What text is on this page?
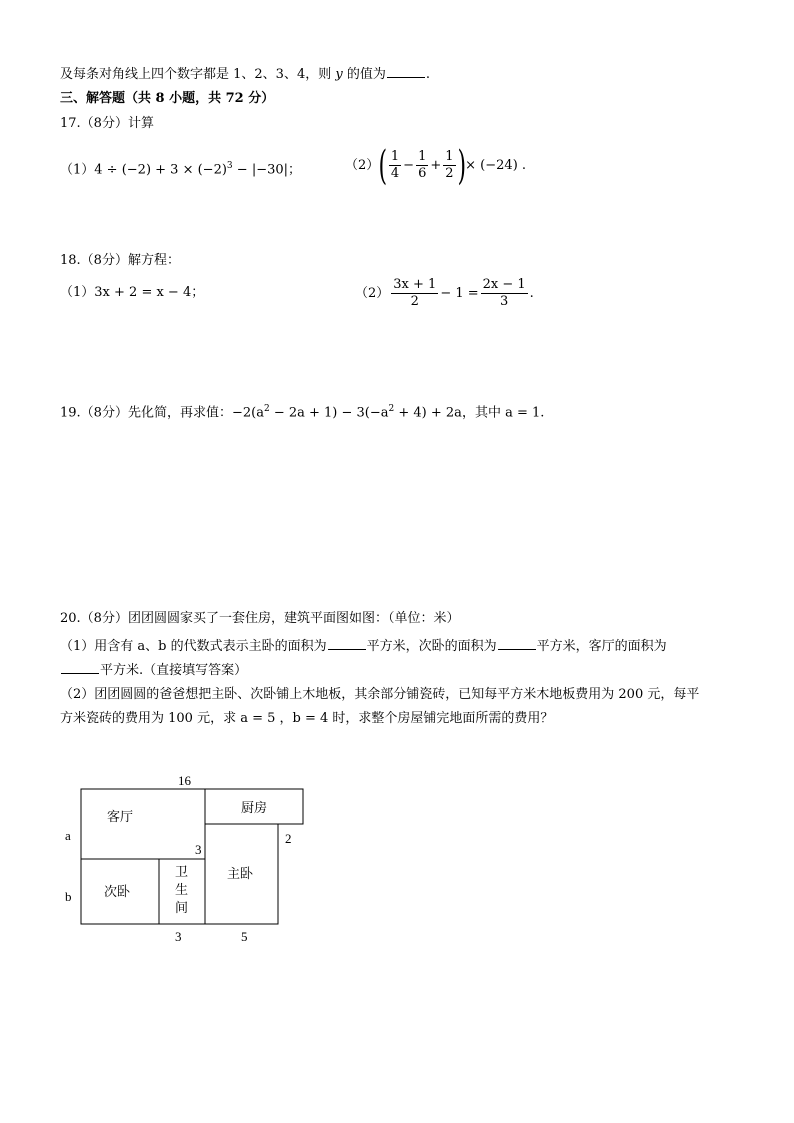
及每条对角线上四个数字都是 1、2、3、4，则 y 的值为	.
三、解答题（共 8 小题，共 72 分）
17.（8分）计算
$(1)4 \div (-2) + 3 \times (-2)^3 - |-30|$；	$(2)( \frac{1}{4} - \frac{1}{6} + \frac{1}{2}$ )× (−24) .
18.（8分）解方程：
（1）3x + 2 = x − 4；	$(2) \frac{3x + 1}{2} - 1 = \frac{2x - 1}{3}$ .
19.（8分）先化简，再求值：$-2(a^2 - 2a + 1) - 3(-a^2 + 4) + 2a$，其中 a = 1.
20.（8分）团团圆圆家买了一套住房，建筑平面图如图：（单位：米）
（1）用含有 a、b 的代数式表示主卧的面积为	平方米，次卧的面积为	平方米，客厅的面积为
平方米.（直接填写答案）
（2）团团圆圆的爸爸想把主卧、次卧铺上木地板，其余部分铺瓷砖，已知每平方米木地板费用为 200 元，每平
方米瓷砖的费用为 100 元，求 a = 5 ，b = 4 时，求整个房屋铺完地面所需的费用？
16
a
b
3
2
3	5
客厅
厨房
主卧
次卧
卫
生
间
